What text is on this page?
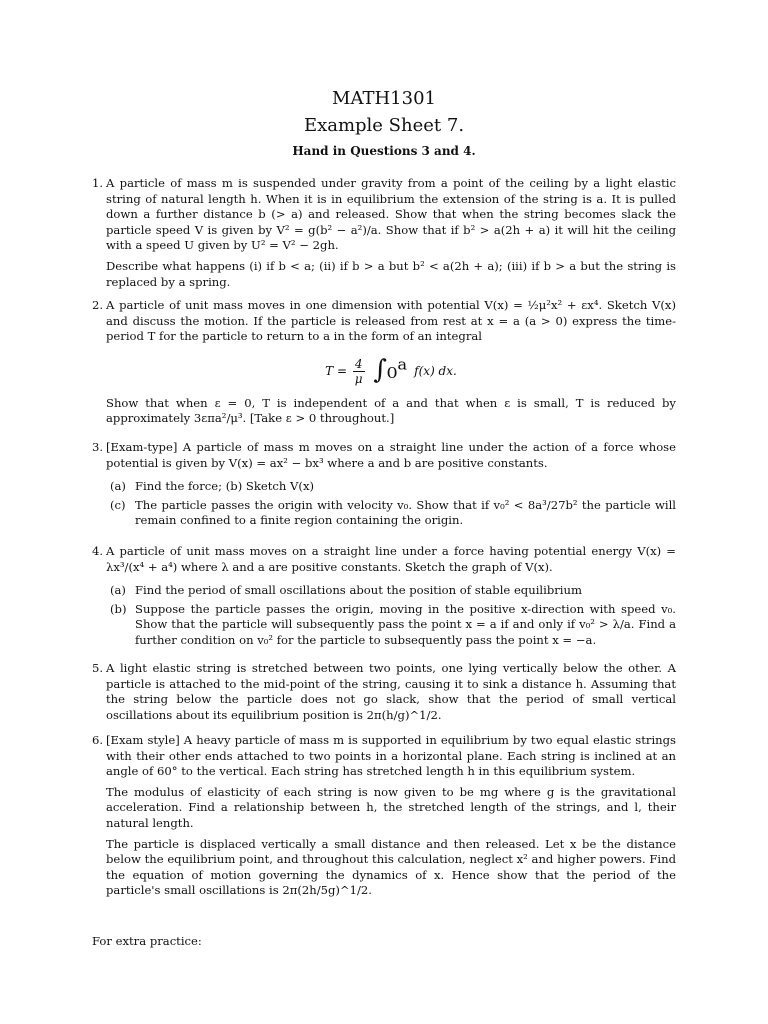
MATH1301
Example Sheet 7.
Hand in Questions 3 and 4.
1. A particle of mass m is suspended under gravity from a point of the ceiling by a light elastic string of natural length h. When it is in equilibrium the extension of the string is a. It is pulled down a further distance b (> a) and released. Show that when the string becomes slack the particle speed V is given by V² = g(b² − a²)/a. Show that if b² > a(2h + a) it will hit the ceiling with a speed U given by U² = V² − 2gh.

Describe what happens (i) if b < a; (ii) if b > a but b² < a(2h + a); (iii) if b > a but the string is replaced by a spring.

2. A particle of unit mass moves in one dimension with potential V(x) = ½μ²x² + εx⁴. Sketch V(x) and discuss the motion. If the particle is released from rest at x = a (a > 0) express the time-period T for the particle to return to a in the form of an integral

$T = \frac{4}{\mu}$ ∫₀ᵃ f(x) dx.

Show that when ε = 0, T is independent of a and that when ε is small, T is reduced by approximately 3επa²/μ³. [Take ε > 0 throughout.]

3. [Exam-type] A particle of mass m moves on a straight line under the action of a force whose potential is given by V(x) = ax² − bx³ where a and b are positive constants.

(a) Find the force; (b) Sketch V(x)
(c) The particle passes the origin with velocity v₀. Show that if v₀² < 8a³/27b² the particle will remain confined to a finite region containing the origin.
4. A particle of unit mass moves on a straight line under a force having potential energy V(x) = λx³/(x⁴ + a⁴) where λ and a are positive constants. Sketch the graph of V(x).

(a) Find the period of small oscillations about the position of stable equilibrium
(b) Suppose the particle passes the origin, moving in the positive x-direction with speed v₀. Show that the particle will subsequently pass the point x = a if and only if v₀² > λ/a. Find a further condition on v₀² for the particle to subsequently pass the point x = −a.
5. A light elastic string is stretched between two points, one lying vertically below the other. A particle is attached to the mid-point of the string, causing it to sink a distance h. Assuming that the string below the particle does not go slack, show that the period of small vertical oscillations about its equilibrium position is 2π(h/g)^1/2.

6. [Exam style] A heavy particle of mass m is supported in equilibrium by two equal elastic strings with their other ends attached to two points in a horizontal plane. Each string is inclined at an angle of 60° to the vertical. Each string has stretched length h in this equilibrium system.

The modulus of elasticity of each string is now given to be mg where g is the gravitational acceleration. Find a relationship between h, the stretched length of the strings, and l, their natural length.

The particle is displaced vertically a small distance and then released. Let x be the distance below the equilibrium point, and throughout this calculation, neglect x² and higher powers. Find the equation of motion governing the dynamics of x. Hence show that the period of the particle's small oscillations is 2π(2h/5g)^1/2.

For extra practice:
